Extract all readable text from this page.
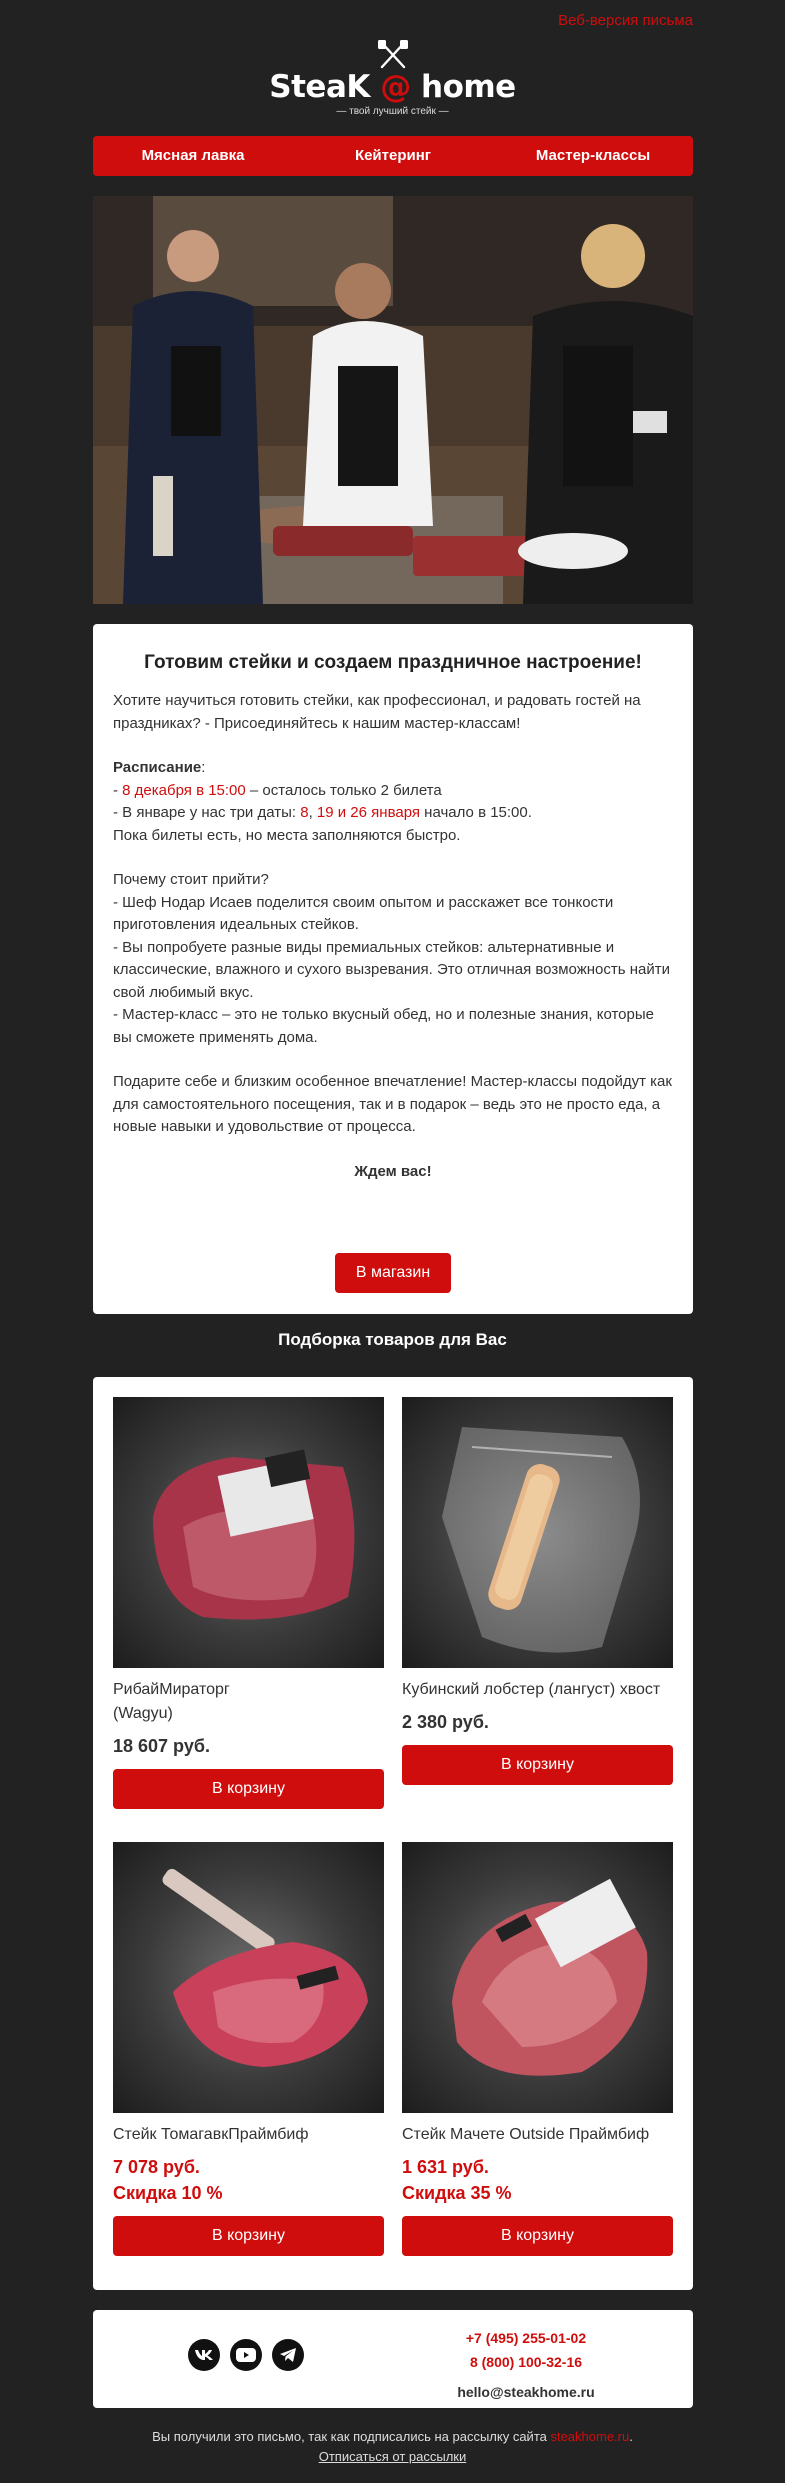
Веб-версия письма
SteaK @ home
— твой лучший стейк —
Мясная лавка	Кейтеринг	Мастер-классы
Готовим стейки и создаем праздничное настроение!

Хотите научиться готовить стейки, как профессионал, и радовать гостей на праздниках? - Присоединяйтесь к нашим мастер-классам!

Расписание:
- 8 декабря в 15:00 – осталось только 2 билета
- В январе у нас три даты: 8, 19 и 26 января начало в 15:00.
Пока билеты есть, но места заполняются быстро.

Почему стоит прийти?
- Шеф Нодар Исаев поделится своим опытом и расскажет все тонкости приготовления идеальных стейков.
- Вы попробуете разные виды премиальных стейков: альтернативные и классические, влажного и сухого вызревания. Это отличная возможность найти свой любимый вкус.
- Мастер-класс – это не только вкусный обед, но и полезные знания, которые вы сможете применять дома.

Подарите себе и близким особенное впечатление! Мастер-классы подойдут как для самостоятельного посещения, так и в подарок – ведь это не просто еда, а новые навыки и удовольствие от процесса.

Ждем вас!

В магазин
Подборка товаров для Вас
РибайМираторг
(Wagyu)
18 607 руб.
В корзину
Кубинский лобстер (лангуст) хвост
2 380 руб.
В корзину
Стейк ТомагавкПраймбиф
7 078 руб.
Скидка 10 %
В корзину
Стейк Мачете Outside Праймбиф
1 631 руб.
Скидка 35 %
В корзину
+7 (495) 255-01-02
8 (800) 100-32-16
hello@steakhome.ru
Вы получили это письмо, так как подписались на рассылку сайта steakhome.ru.
Отписаться от рассылки
